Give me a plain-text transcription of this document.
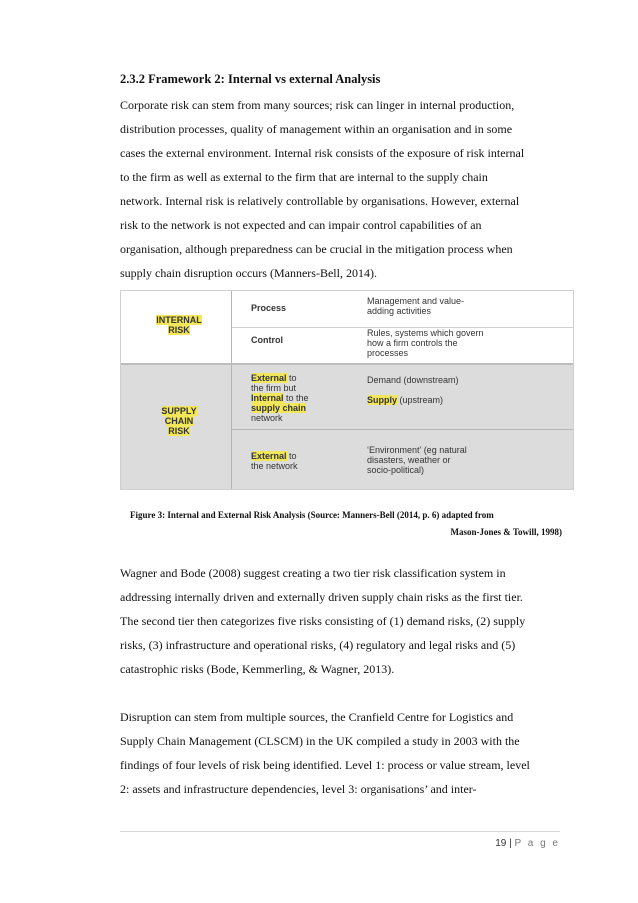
2.3.2 Framework 2: Internal vs external Analysis
Corporate risk can stem from many sources; risk can linger in internal production,
distribution processes, quality of management within an organisation and in some
cases the external environment. Internal risk consists of the exposure of risk internal
to the firm as well as external to the firm that are internal to the supply chain
network. Internal risk is relatively controllable by organisations. However, external
risk to the network is not expected and can impair control capabilities of an
organisation, although preparedness can be crucial in the mitigation process when
supply chain disruption occurs (Manners-Bell, 2014).
INTERNAL
RISK
SUPPLY
CHAIN
RISK
Process
Control
Management and value-
adding activities
Rules, systems which govern
how a firm controls the
processes
External to
the firm but
Internal to the
supply chain
network
Demand (downstream)
Supply (upstream)
External to
the network
‘Environment’ (eg natural
disasters, weather or
socio-political)
Figure 3: Internal and External Risk Analysis (Source: Manners-Bell (2014, p. 6) adapted from
Mason-Jones & Towill, 1998)
Wagner and Bode (2008) suggest creating a two tier risk classification system in
addressing internally driven and externally driven supply chain risks as the first tier.
The second tier then categorizes five risks consisting of (1) demand risks, (2) supply
risks, (3) infrastructure and operational risks, (4) regulatory and legal risks and (5)
catastrophic risks (Bode, Kemmerling, & Wagner, 2013).
Disruption can stem from multiple sources, the Cranfield Centre for Logistics and
Supply Chain Management (CLSCM) in the UK compiled a study in 2003 with the
findings of four levels of risk being identified. Level 1: process or value stream, level
2: assets and infrastructure dependencies, level 3: organisations’ and inter-
19 | P a g e
